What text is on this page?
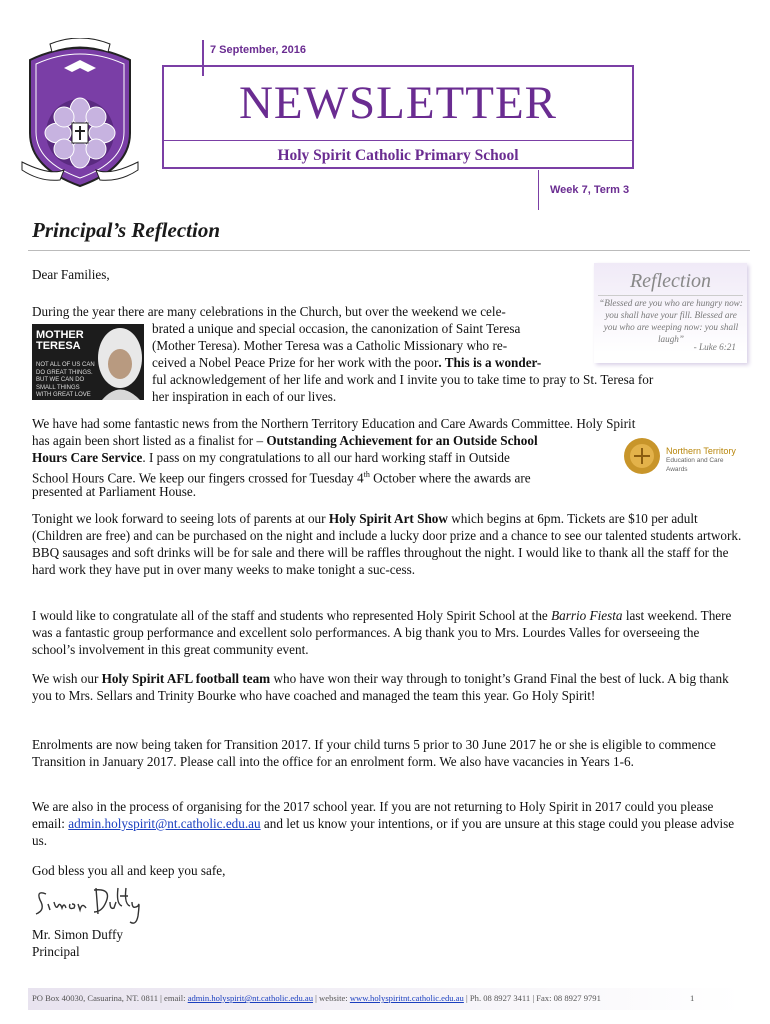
7 September, 2016
NEWSLETTER
Holy Spirit Catholic Primary School
Week 7, Term 3
Principal’s Reflection
Reflection
“Blessed are you who are hungry now: you shall have your fill. Blessed are you who are weeping now: you shall laugh”
- Luke 6:21
Dear Families,
During the year there are many celebrations in the Church, but over the weekend we cele-
MOTHER
TERESA
NOT ALL OF US CAN
DO GREAT THINGS.
BUT WE CAN DO
SMALL THINGS
WITH GREAT LOVE
brated a unique and special occasion, the canonization of Saint Teresa
(Mother Teresa). Mother Teresa was a Catholic Missionary who re-
ceived a Nobel Peace Prize for her work with the poor. This is a wonder-
ful acknowledgement of her life and work and I invite you to take time to pray to St. Teresa for
her inspiration in each of our lives.
We have had some fantastic news from the Northern Territory Education and Care Awards Committee. Holy Spirit
has again been short listed as a finalist for – Outstanding Achievement for an Outside School
Hours Care Service. I pass on my congratulations to all our hard working staff in Outside
School Hours Care. We keep our fingers crossed for Tuesday 4th October where the awards are
presented at Parliament House.
Northern Territory
Education and Care
Awards
Tonight we look forward to seeing lots of parents at our Holy Spirit Art Show which begins at 6pm. Tickets are $10 per adult (Children are free) and can be purchased on the night and include a lucky door prize and a chance to see our talented students artwork. BBQ sausages and soft drinks will be for sale and there will be raffles throughout the night. I would like to thank all the staff for the hard work they have put in over many weeks to make tonight a suc-cess.
I would like to congratulate all of the staff and students who represented Holy Spirit School at the Barrio Fiesta last weekend. There was a fantastic group performance and excellent solo performances. A big thank you to Mrs. Lourdes Valles for overseeing the school’s involvement in this great community event.
We wish our Holy Spirit AFL football team who have won their way through to tonight’s Grand Final the best of luck. A big thank you to Mrs. Sellars and Trinity Bourke who have coached and managed the team this year. Go Holy Spirit!
Enrolments are now being taken for Transition 2017. If your child turns 5 prior to 30 June 2017 he or she is eligible to commence Transition in January 2017. Please call into the office for an enrolment form. We also have vacancies in Years 1-6.
We are also in the process of organising for the 2017 school year. If you are not returning to Holy Spirit in 2017 could you please email: admin.holyspirit@nt.catholic.edu.au and let us know your intentions, or if you are unsure at this stage could you please advise us.
God bless you all and keep you safe,
Mr. Simon Duffy
Principal
PO Box 40030, Casuarina, NT. 0811 | email: admin.holyspirit@nt.catholic.edu.au | website: www.holyspiritnt.catholic.edu.au | Ph. 08 8927 3411 | Fax: 08 8927 9791	1
